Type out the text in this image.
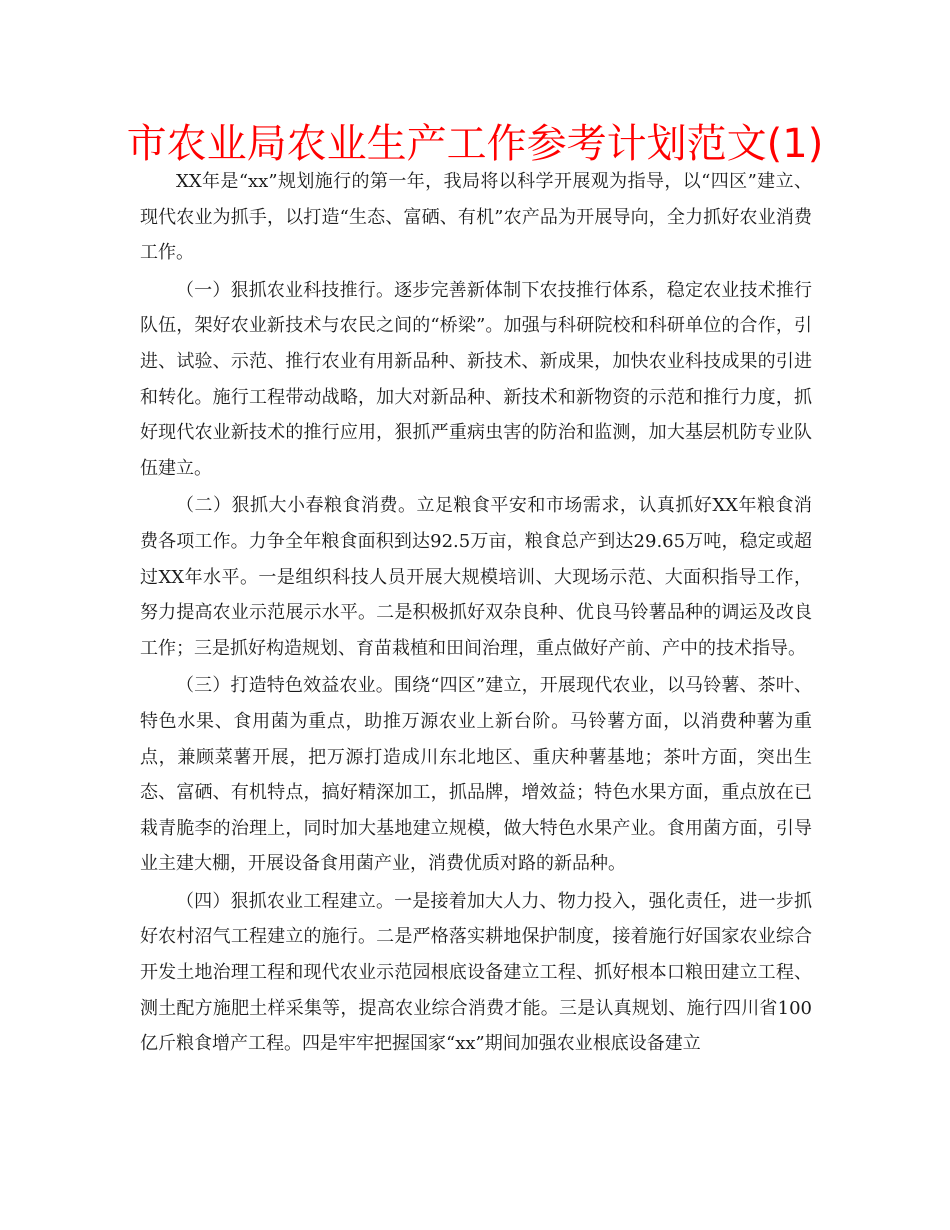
市农业局农业生产工作参考计划范文(1)

XX年是“xx”规划施行的第一年，我局将以科学开展观为指导，以“四区”建立、现代农业为抓手，以打造“生态、富硒、有机”农产品为开展导向，全力抓好农业消费工作。

（一）狠抓农业科技推行。逐步完善新体制下农技推行体系，稳定农业技术推行队伍，架好农业新技术与农民之间的“桥梁”。加强与科研院校和科研单位的合作，引进、试验、示范、推行农业有用新品种、新技术、新成果，加快农业科技成果的引进和转化。施行工程带动战略，加大对新品种、新技术和新物资的示范和推行力度，抓好现代农业新技术的推行应用，狠抓严重病虫害的防治和监测，加大基层机防专业队伍建立。

（二）狠抓大小春粮食消费。立足粮食平安和市场需求，认真抓好XX年粮食消费各项工作。力争全年粮食面积到达92.5万亩，粮食总产到达29.65万吨，稳定或超过XX年水平。一是组织科技人员开展大规模培训、大现场示范、大面积指导工作，努力提高农业示范展示水平。二是积极抓好双杂良种、优良马铃薯品种的调运及改良工作；三是抓好构造规划、育苗栽植和田间治理，重点做好产前、产中的技术指导。

（三）打造特色效益农业。围绕“四区”建立，开展现代农业，以马铃薯、茶叶、特色水果、食用菌为重点，助推万源农业上新台阶。马铃薯方面，以消费种薯为重点，兼顾菜薯开展，把万源打造成川东北地区、重庆种薯基地；茶叶方面，突出生态、富硒、有机特点，搞好精深加工，抓品牌，增效益；特色水果方面，重点放在已栽青脆李的治理上，同时加大基地建立规模，做大特色水果产业。食用菌方面，引导业主建大棚，开展设备食用菌产业，消费优质对路的新品种。

（四）狠抓农业工程建立。一是接着加大人力、物力投入，强化责任，进一步抓好农村沼气工程建立的施行。二是严格落实耕地保护制度，接着施行好国家农业综合开发土地治理工程和现代农业示范园根底设备建立工程、抓好根本口粮田建立工程、测土配方施肥土样采集等，提高农业综合消费才能。三是认真规划、施行四川省100亿斤粮食增产工程。四是牢牢把握国家“xx”期间加强农业根底设备建立
